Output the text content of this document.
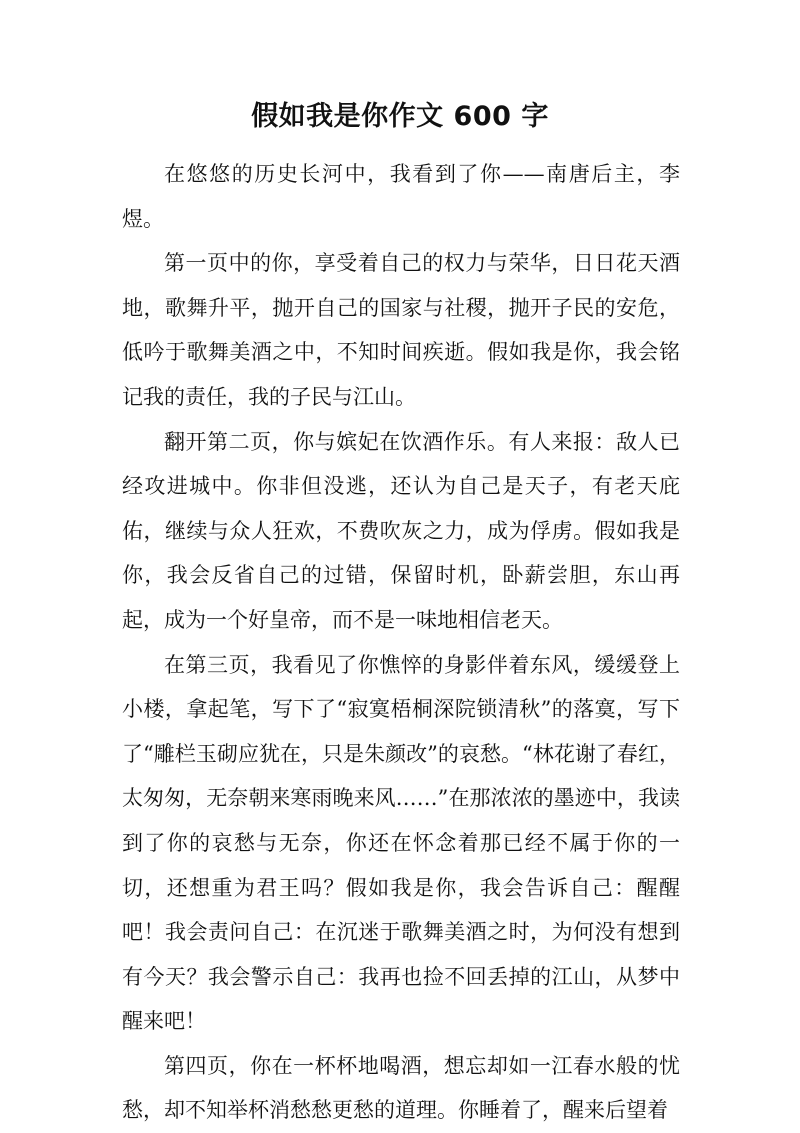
假如我是你作文 600 字

在悠悠的历史长河中，我看到了你——南唐后主，李煜。

第一页中的你，享受着自己的权力与荣华，日日花天酒地，歌舞升平，抛开自己的国家与社稷，抛开子民的安危，低吟于歌舞美酒之中，不知时间疾逝。假如我是你，我会铭记我的责任，我的子民与江山。

翻开第二页，你与嫔妃在饮酒作乐。有人来报：敌人已经攻进城中。你非但没逃，还认为自己是天子，有老天庇佑，继续与众人狂欢，不费吹灰之力，成为俘虏。假如我是你，我会反省自己的过错，保留时机，卧薪尝胆，东山再起，成为一个好皇帝，而不是一味地相信老天。

在第三页，我看见了你憔悴的身影伴着东风，缓缓登上小楼，拿起笔，写下了“寂寞梧桐深院锁清秋”的落寞，写下了“雕栏玉砌应犹在，只是朱颜改”的哀愁。“林花谢了春红，太匆匆，无奈朝来寒雨晚来风……”在那浓浓的墨迹中，我读到了你的哀愁与无奈，你还在怀念着那已经不属于你的一切，还想重为君王吗？假如我是你，我会告诉自己：醒醒吧！我会责问自己：在沉迷于歌舞美酒之时，为何没有想到有今天？我会警示自己：我再也捡不回丢掉的江山，从梦中醒来吧！

第四页，你在一杯杯地喝酒，想忘却如一江春水般的忧愁，却不知举杯消愁愁更愁的道理。你睡着了，醒来后望着
